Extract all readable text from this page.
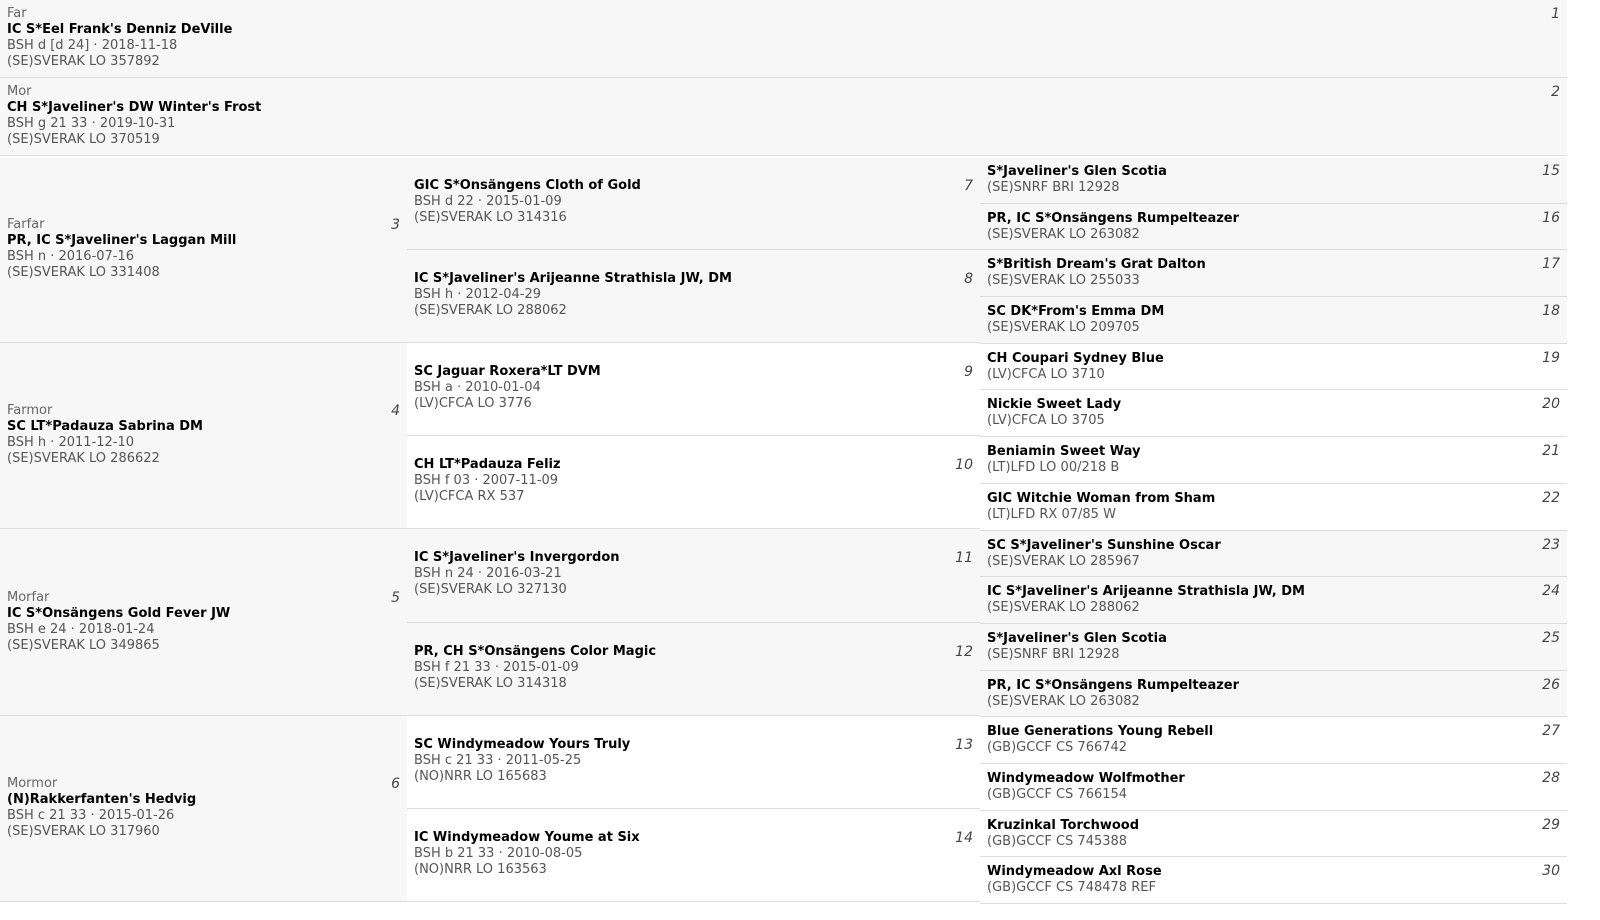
Far
IC S*Eel Frank's Denniz DeVille
BSH d [d 24] · 2018-11-18
(SE)SVERAK LO 357892
1
Mor
CH S*Javeliner's DW Winter's Frost
BSH g 21 33 · 2019-10-31
(SE)SVERAK LO 370519
2
Farfar
PR, IC S*Javeliner's Laggan Mill
BSH n · 2016-07-16
(SE)SVERAK LO 331408
3
Farmor
SC LT*Padauza Sabrina DM
BSH h · 2011-12-10
(SE)SVERAK LO 286622
4
Morfar
IC S*Onsängens Gold Fever JW
BSH e 24 · 2018-01-24
(SE)SVERAK LO 349865
5
Mormor
(N)Rakkerfanten's Hedvig
BSH c 21 33 · 2015-01-26
(SE)SVERAK LO 317960
6
GIC S*Onsängens Cloth of Gold
BSH d 22 · 2015-01-09
(SE)SVERAK LO 314316
7
IC S*Javeliner's Arijeanne Strathisla JW, DM
BSH h · 2012-04-29
(SE)SVERAK LO 288062
8
SC Jaguar Roxera*LT DVM
BSH a · 2010-01-04
(LV)CFCA LO 3776
9
CH LT*Padauza Feliz
BSH f 03 · 2007-11-09
(LV)CFCA RX 537
10
IC S*Javeliner's Invergordon
BSH n 24 · 2016-03-21
(SE)SVERAK LO 327130
11
PR, CH S*Onsängens Color Magic
BSH f 21 33 · 2015-01-09
(SE)SVERAK LO 314318
12
SC Windymeadow Yours Truly
BSH c 21 33 · 2011-05-25
(NO)NRR LO 165683
13
IC Windymeadow Youme at Six
BSH b 21 33 · 2010-08-05
(NO)NRR LO 163563
14
S*Javeliner's Glen Scotia
(SE)SNRF BRI 12928
15
PR, IC S*Onsängens Rumpelteazer
(SE)SVERAK LO 263082
16
S*British Dream's Grat Dalton
(SE)SVERAK LO 255033
17
SC DK*From's Emma DM
(SE)SVERAK LO 209705
18
CH Coupari Sydney Blue
(LV)CFCA LO 3710
19
Nickie Sweet Lady
(LV)CFCA LO 3705
20
Beniamin Sweet Way
(LT)LFD LO 00/218 B
21
GIC Witchie Woman from Sham
(LT)LFD RX 07/85 W
22
SC S*Javeliner's Sunshine Oscar
(SE)SVERAK LO 285967
23
IC S*Javeliner's Arijeanne Strathisla JW, DM
(SE)SVERAK LO 288062
24
S*Javeliner's Glen Scotia
(SE)SNRF BRI 12928
25
PR, IC S*Onsängens Rumpelteazer
(SE)SVERAK LO 263082
26
Blue Generations Young Rebell
(GB)GCCF CS 766742
27
Windymeadow Wolfmother
(GB)GCCF CS 766154
28
Kruzinkal Torchwood
(GB)GCCF CS 745388
29
Windymeadow Axl Rose
(GB)GCCF CS 748478 REF
30
